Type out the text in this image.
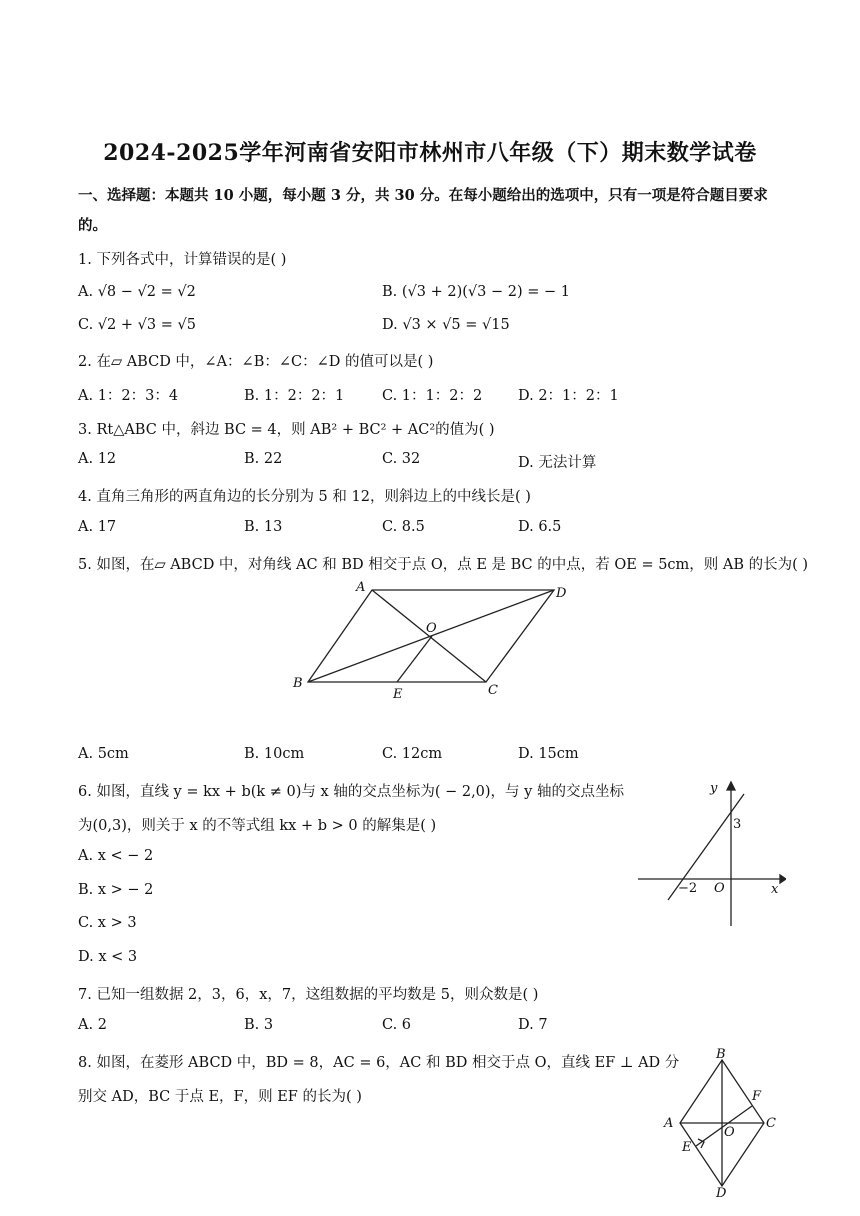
2024-2025学年河南省安阳市林州市八年级（下）期末数学试卷
一、选择题：本题共 10 小题，每小题 3 分，共 30 分。在每小题给出的选项中，只有一项是符合题目要求
的。
1. 下列各式中，计算错误的是( )
A. √8 − √2 = √2	B. (√3 + 2)(√3 − 2) = − 1
C. √2 + √3 = √5	D. √3 × √5 = √15
2. 在▱ ABCD 中，∠A：∠B：∠C：∠D 的值可以是( )
A. 1：2：3：4	B. 1：2：2：1	C. 1：1：2：2 D. 2：1：2：1
3. Rt△ABC 中，斜边 BC = 4，则 AB² + BC² + AC²的值为( )
A. 12	B. 22	C. 32	D. 无法计算
4. 直角三角形的两直角边的长分别为 5 和 12，则斜边上的中线长是( )
A. 17	B. 13	C. 8.5	D. 6.5
5. 如图，在▱ ABCD 中，对角线 AC 和 BD 相交于点 O，点 E 是 BC 的中点，若 OE = 5cm，则 AB 的长为( )
A	D
O
B
E	C
A. 5cm	B. 10cm	C. 12cm	D. 15cm
6. 如图，直线 y = kx + b(k ≠ 0)与 x 轴的交点坐标为( − 2,0)，与 y 轴的交点坐标
为(0,3)，则关于 x 的不等式组 kx + b > 0 的解集是( )
A. x < − 2
B. x > − 2
C. x > 3
D. x < 3
y
x
3
−2 O
7. 已知一组数据 2，3，6，x，7，这组数据的平均数是 5，则众数是( )
A. 2	B. 3	C. 6	D. 7
8. 如图，在菱形 ABCD 中，BD = 8，AC = 6，AC 和 BD 相交于点 O，直线 EF ⊥ AD 分
别交 AD，BC 于点 E，F，则 EF 的长为( )
B
C
A
D
F
E
O
